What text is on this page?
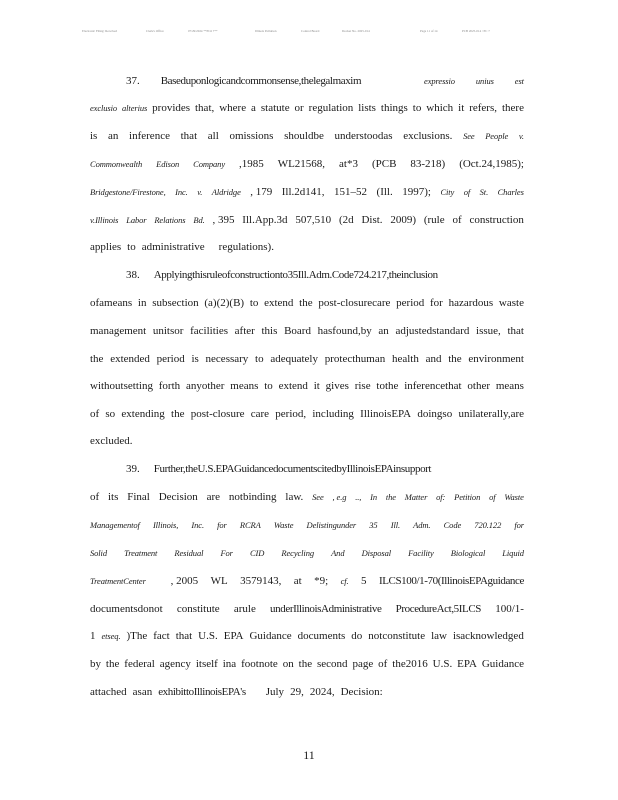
Electronic Filing: Received	Clerk's Office	07/29/2024 **PC# 7**	Illinois Pollution	Control Board	Docket No. 2025-014	Page 11 of 14	PCB 2025-014 / PC 7
37. Baseduponlogicandcommonsense,thelegalmaxim	expressio unius est
exclusio alterius provides that, where a statute or regulation lists things to which it refers, there
is an inference that all omissions shouldbe understoodas exclusions. See People v.
Commonwealth Edison Company ,1985 WL21568, at*3 (PCB 83-218) (Oct.24,1985);
Bridgestone/Firestone, Inc. v. Aldridge , 179 Ill.2d141, 151–52 (Ill. 1997); City of St. Charles
v.Illinois Labor Relations Bd. , 395 Ill.App.3d 507,510 (2d Dist. 2009) (rule of construction
applies to administrative regulations).
38. Applyingthisruleofconstructionto35Ill.Adm.Code724.217,theinclusion
ofameans in subsection (a)(2)(B) to extend the post-closurecare period for hazardous waste
management unitsor facilities after this Board hasfound,by an adjustedstandard issue, that
the extended period is necessary to adequately protecthuman health and the environment
withoutsetting forth anyother means to extend it gives rise tothe inferencethat other means
of so extending the post-closure care period, including IllinoisEPA doingso unilaterally,are
excluded.
39. Further,theU.S.EPAGuidancedocumentscitedbyIllinoisEPAinsupport
of its Final Decision are notbinding law. See , e.g .., In the Matter of: Petition of Waste
Managementof Illinois, Inc. for RCRA Waste Delistingunder 35 Ill. Adm. Code 720.122 for
Solid Treatment Residual For CID Recycling And Disposal Facility Biological Liquid
TreatmentCenter , 2005 WL 3579143, at *9; cf. 5 ILCS100/1-70(IllinoisEPAguidance
documentsdonot constitute arule underIllinoisAdministrative ProcedureAct,5ILCS 100/1-
1 etseq. )The fact that U.S. EPA Guidance documents do notconstitute law isacknowledged
by the federal agency itself ina footnote on the second page of the2016 U.S. EPA Guidance
attached asan exhibittoIllinoisEPA's July 29, 2024, Decision:
11
